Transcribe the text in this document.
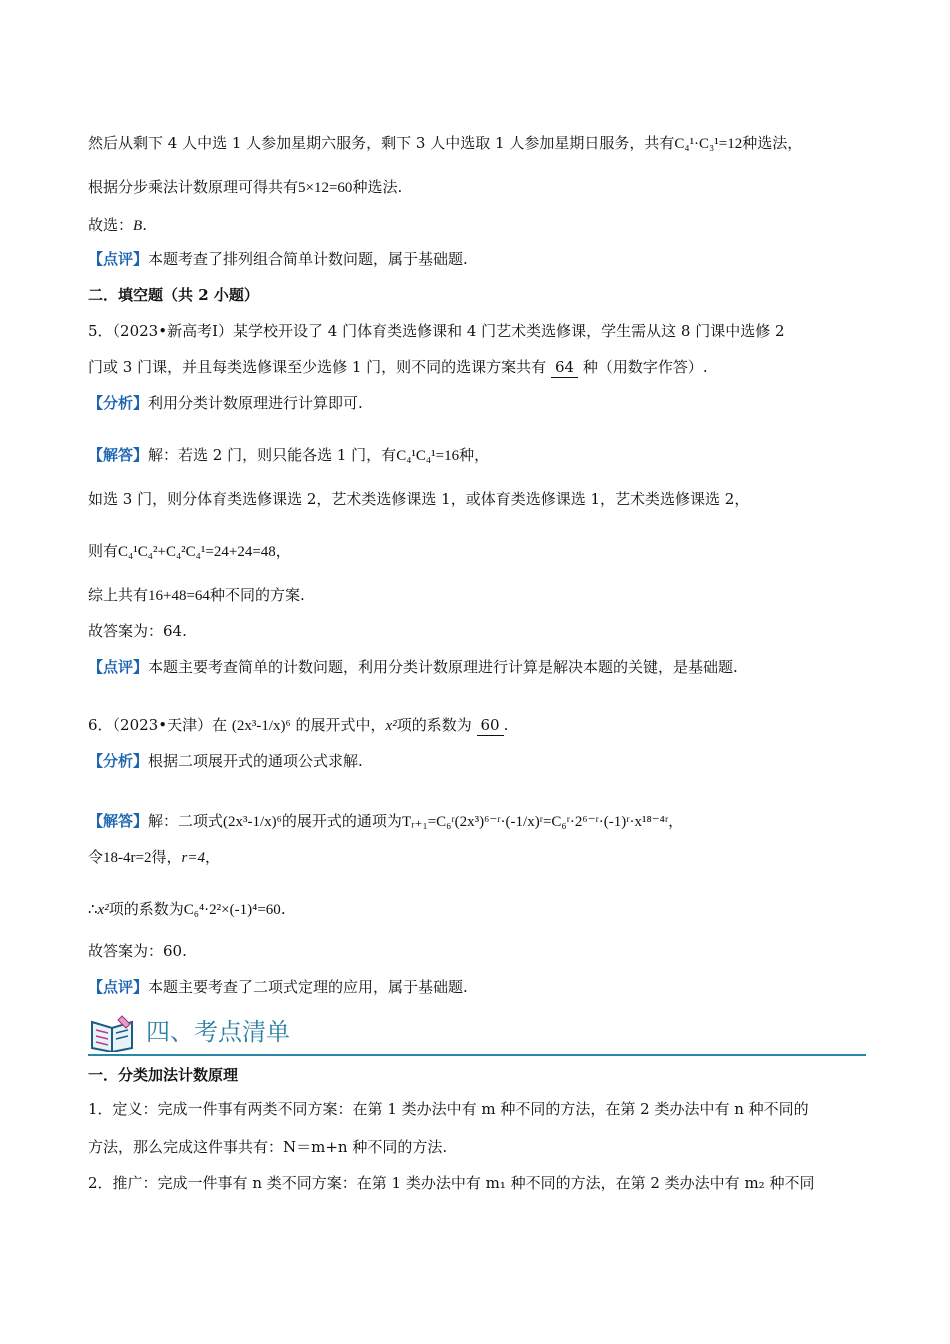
然后从剩下 4 人中选 1 人参加星期六服务，剩下 3 人中选取 1 人参加星期日服务，共有C₄¹·C₃¹=12种选法，
根据分步乘法计数原理可得共有5×12=60种选法.
故选：B.
【点评】本题考查了排列组合简单计数问题，属于基础题.
二．填空题（共 2 小题）
5．（2023•新高考Ⅰ）某学校开设了 4 门体育类选修课和 4 门艺术类选修课，学生需从这 8 门课中选修 2
门或 3 门课，并且每类选修课至少选修 1 门，则不同的选课方案共有 64 种（用数字作答）.
【分析】利用分类计数原理进行计算即可.
【解答】解：若选 2 门，则只能各选 1 门，有C₄¹C₄¹=16种，
如选 3 门，则分体育类选修课选 2，艺术类选修课选 1，或体育类选修课选 1，艺术类选修课选 2，
则有C₄¹C₄²+C₄²C₄¹=24+24=48，
综上共有16+48=64种不同的方案.
故答案为：64.
【点评】本题主要考查简单的计数问题，利用分类计数原理进行计算是解决本题的关键，是基础题.
6．（2023•天津）在 (2x³-1/x)⁶ 的展开式中，x²项的系数为 60 .
【分析】根据二项展开式的通项公式求解.
【解答】解：二项式(2x³-1/x)⁶的展开式的通项为Tᵣ₊₁=C₆ʳ(2x³)⁶⁻ʳ·(-1/x)ʳ=C₆ʳ·2⁶⁻ʳ·(-1)ʳ·x¹⁸⁻⁴ʳ，
令18-4r=2得，r=4，
∴x²项的系数为C₆⁴·2²×(-1)⁴=60.
故答案为：60.
【点评】本题主要考查了二项式定理的应用，属于基础题.
四、考点清单
一．分类加法计数原理
1．定义：完成一件事有两类不同方案：在第 1 类办法中有 m 种不同的方法，在第 2 类办法中有 n 种不同的
方法，那么完成这件事共有：N＝m+n 种不同的方法.
2．推广：完成一件事有 n 类不同方案：在第 1 类办法中有 m₁ 种不同的方法，在第 2 类办法中有 m₂ 种不同
